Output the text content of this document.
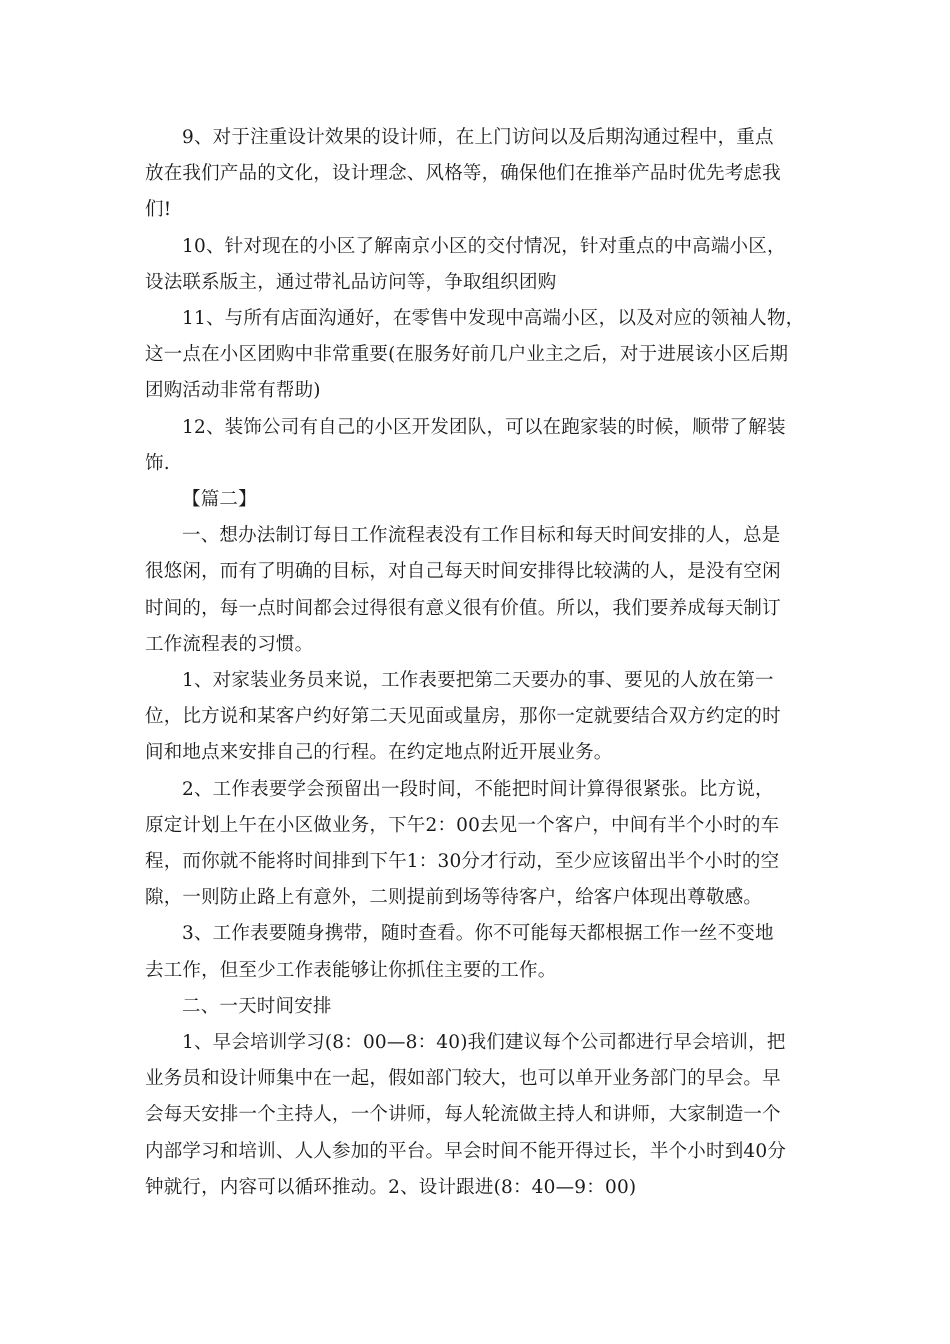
9、对于注重设计效果的设计师，在上门访问以及后期沟通过程中，重点
放在我们产品的文化，设计理念、风格等，确保他们在推举产品时优先考虑我
们!
10、针对现在的小区了解南京小区的交付情况，针对重点的中高端小区，
设法联系版主，通过带礼品访问等，争取组织团购
11、与所有店面沟通好，在零售中发现中高端小区，以及对应的领袖人物，
这一点在小区团购中非常重要(在服务好前几户业主之后，对于进展该小区后期
团购活动非常有帮助)
12、装饰公司有自己的小区开发团队，可以在跑家装的时候，顺带了解装
饰.
【篇二】
一、想办法制订每日工作流程表没有工作目标和每天时间安排的人，总是
很悠闲，而有了明确的目标，对自己每天时间安排得比较满的人，是没有空闲
时间的，每一点时间都会过得很有意义很有价值。所以，我们要养成每天制订
工作流程表的习惯。
1、对家装业务员来说，工作表要把第二天要办的事、要见的人放在第一
位，比方说和某客户约好第二天见面或量房，那你一定就要结合双方约定的时
间和地点来安排自己的行程。在约定地点附近开展业务。
2、工作表要学会预留出一段时间，不能把时间计算得很紧张。比方说，
原定计划上午在小区做业务，下午2：00去见一个客户，中间有半个小时的车
程，而你就不能将时间排到下午1：30分才行动，至少应该留出半个小时的空
隙，一则防止路上有意外，二则提前到场等待客户，给客户体现出尊敬感。
3、工作表要随身携带，随时查看。你不可能每天都根据工作一丝不变地
去工作，但至少工作表能够让你抓住主要的工作。
二、一天时间安排
1、早会培训学习(8：00—8：40)我们建议每个公司都进行早会培训，把
业务员和设计师集中在一起，假如部门较大，也可以单开业务部门的早会。早
会每天安排一个主持人，一个讲师，每人轮流做主持人和讲师，大家制造一个
内部学习和培训、人人参加的平台。早会时间不能开得过长，半个小时到40分
钟就行，内容可以循环推动。2、设计跟进(8：40—9：00)
